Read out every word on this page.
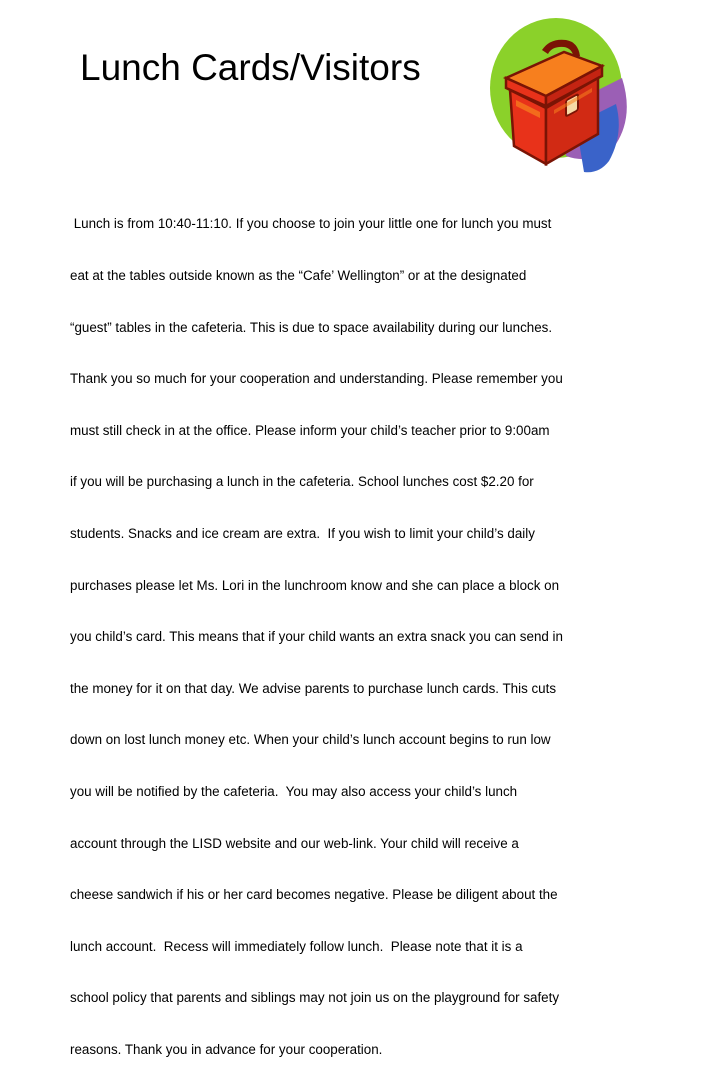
Lunch Cards/Visitors

Lunch is from 10:40-11:10. If you choose to join your little one for lunch you must

eat at the tables outside known as the “Cafe’ Wellington” or at the designated

“guest” tables in the cafeteria. This is due to space availability during our lunches.

Thank you so much for your cooperation and understanding. Please remember you

must still check in at the office. Please inform your child’s teacher prior to 9:00am

if you will be purchasing a lunch in the cafeteria. School lunches cost $2.20 for

students. Snacks and ice cream are extra.  If you wish to limit your child’s daily

purchases please let Ms. Lori in the lunchroom know and she can place a block on

you child’s card. This means that if your child wants an extra snack you can send in

the money for it on that day. We advise parents to purchase lunch cards. This cuts

down on lost lunch money etc. When your child’s lunch account begins to run low

you will be notified by the cafeteria.  You may also access your child’s lunch

account through the LISD website and our web-link. Your child will receive a

cheese sandwich if his or her card becomes negative. Please be diligent about the

lunch account.  Recess will immediately follow lunch.  Please note that it is a

school policy that parents and siblings may not join us on the playground for safety

reasons. Thank you in advance for your cooperation.
